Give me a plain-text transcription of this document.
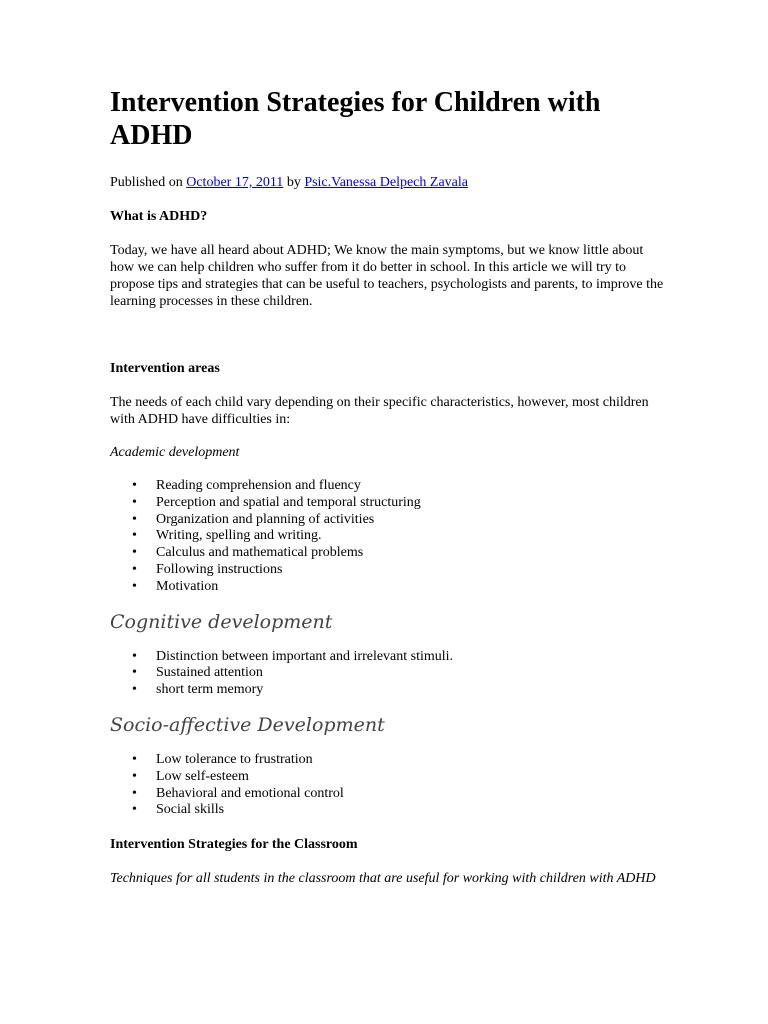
Intervention Strategies for Children with ADHD

Published on October 17, 2011 by Psic.Vanessa Delpech Zavala

What is ADHD?

Today, we have all heard about ADHD; We know the main symptoms, but we know little about how we can help children who suffer from it do better in school. In this article we will try to propose tips and strategies that can be useful to teachers, psychologists and parents, to improve the learning processes in these children.

Intervention areas

The needs of each child vary depending on their specific characteristics, however, most children with ADHD have difficulties in:

Academic development

• Reading comprehension and fluency
• Perception and spatial and temporal structuring
• Organization and planning of activities
• Writing, spelling and writing.
• Calculus and mathematical problems
• Following instructions
• Motivation
Cognitive development
• Distinction between important and irrelevant stimuli.
• Sustained attention
• short term memory
Socio-affective Development
• Low tolerance to frustration
• Low self-esteem
• Behavioral and emotional control
• Social skills

Intervention Strategies for the Classroom

Techniques for all students in the classroom that are useful for working with children with ADHD
